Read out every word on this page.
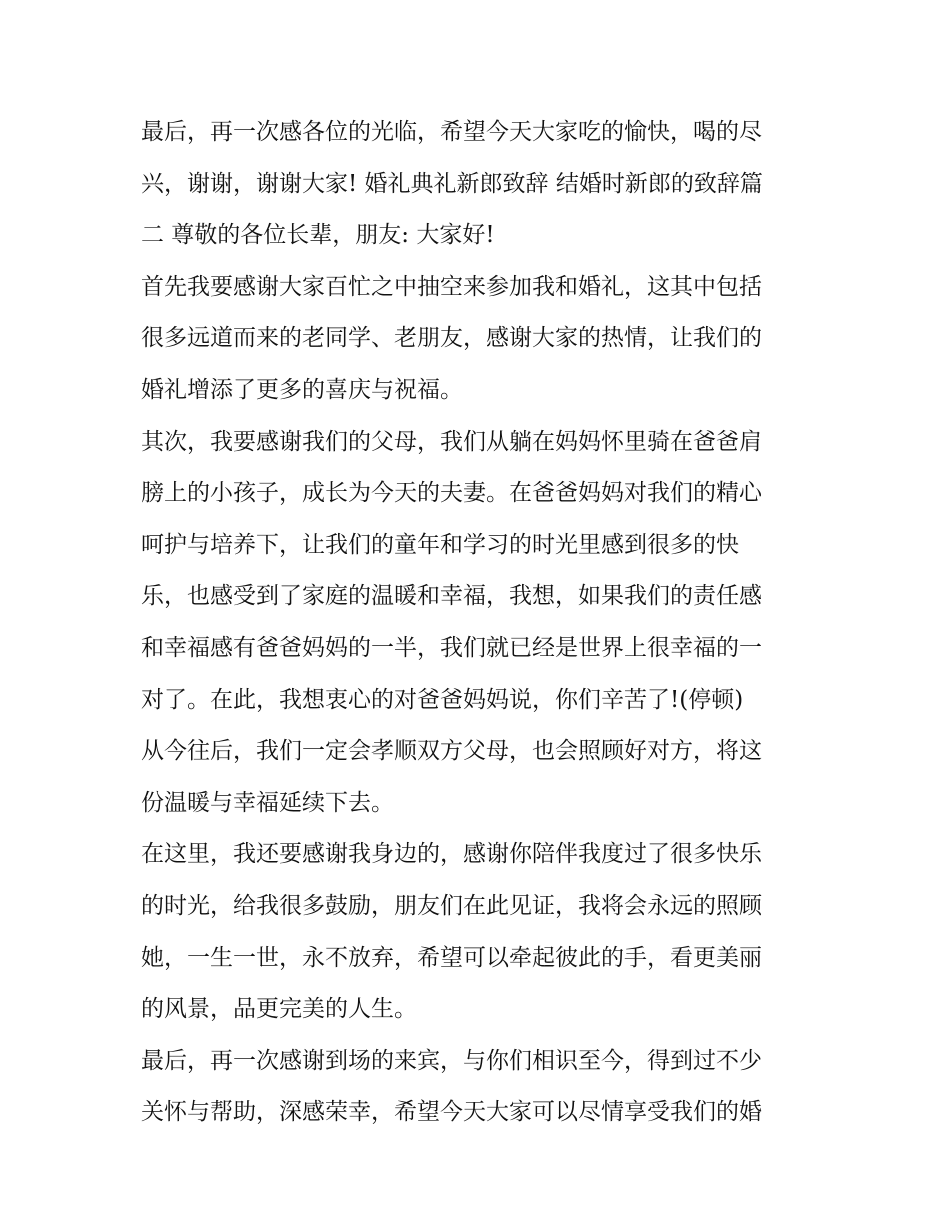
最后，再一次感各位的光临，希望今天大家吃的愉快，喝的尽
兴，谢谢，谢谢大家! 婚礼典礼新郎致辞 结婚时新郎的致辞篇
二 尊敬的各位长辈，朋友: 大家好!
首先我要感谢大家百忙之中抽空来参加我和婚礼，这其中包括
很多远道而来的老同学、老朋友，感谢大家的热情，让我们的
婚礼增添了更多的喜庆与祝福。
其次，我要感谢我们的父母，我们从躺在妈妈怀里骑在爸爸肩
膀上的小孩子，成长为今天的夫妻。在爸爸妈妈对我们的精心
呵护与培养下，让我们的童年和学习的时光里感到很多的快
乐，也感受到了家庭的温暖和幸福，我想，如果我们的责任感
和幸福感有爸爸妈妈的一半，我们就已经是世界上很幸福的一
对了。在此，我想衷心的对爸爸妈妈说，你们辛苦了!(停顿)
从今往后，我们一定会孝顺双方父母，也会照顾好对方，将这
份温暖与幸福延续下去。
在这里，我还要感谢我身边的，感谢你陪伴我度过了很多快乐
的时光，给我很多鼓励，朋友们在此见证，我将会永远的照顾
她，一生一世，永不放弃，希望可以牵起彼此的手，看更美丽
的风景，品更完美的人生。
最后，再一次感谢到场的来宾，与你们相识至今，得到过不少
关怀与帮助，深感荣幸，希望今天大家可以尽情享受我们的婚
